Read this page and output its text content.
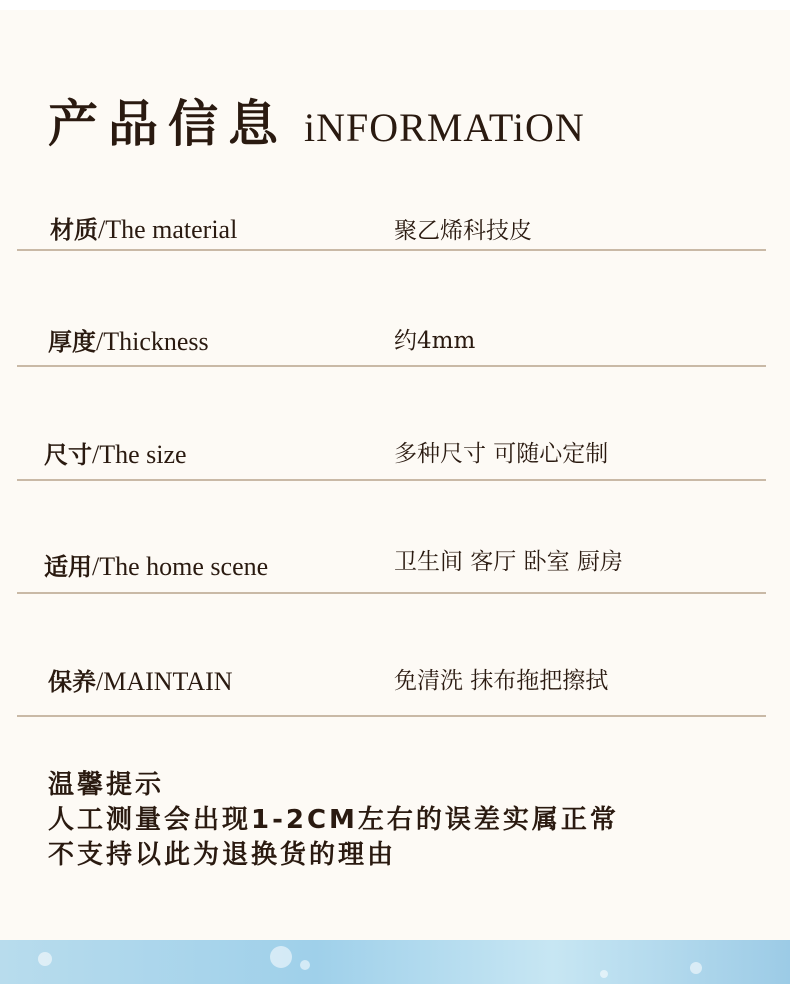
产品信息 iNFORMATiON
材质/The material	聚乙烯科技皮
厚度/Thickness	约4mm
尺寸/The size	多种尺寸 可随心定制
适用/The home scene	卫生间 客厅 卧室 厨房
保养/MAINTAIN	免清洗 抹布拖把擦拭
温馨提示
人工测量会出现1-2CM左右的误差实属正常
不支持以此为退换货的理由
